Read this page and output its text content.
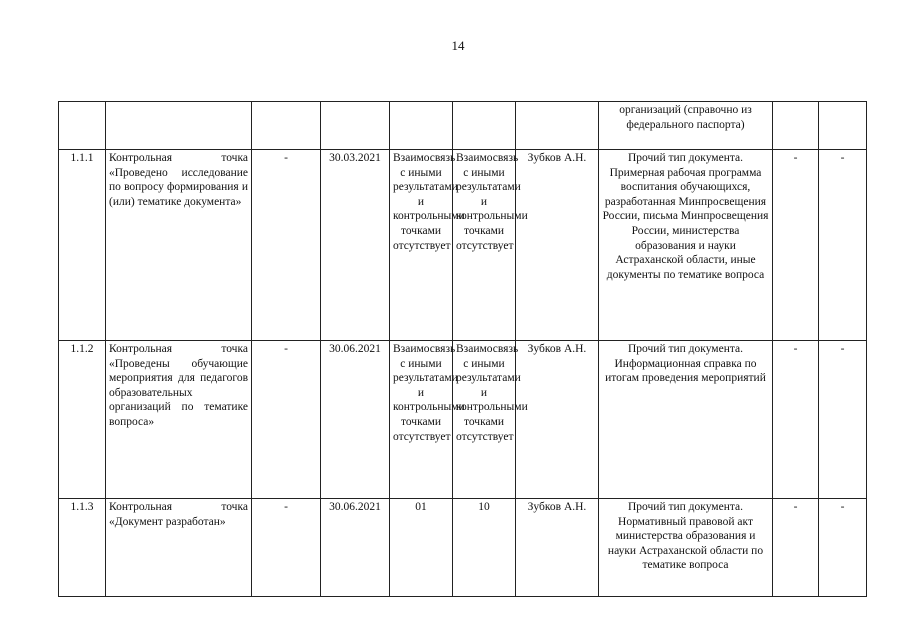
14
							организаций (справочно из федерального паспорта)		
1.1.1	Контрольная точка «Проведено исследование по вопросу формирования и (или) тематике документа»	-	30.03.2021	Взаимосвязь с иными результатами и контрольными точками отсутствует	Взаимосвязь с иными результатами и контрольными точками отсутствует	Зубков А.Н.	Прочий тип документа. Примерная рабочая программа воспитания обучающихся, разработанная Минпросвещения России, письма Минпросвещения России, министерства образования и науки Астраханской области, иные документы по тематике вопроса	-	-
1.1.2	Контрольная точка «Проведены обучающие мероприятия для педагогов образовательных организаций по тематике вопроса»	-	30.06.2021	Взаимосвязь с иными результатами и контрольными точками отсутствует	Взаимосвязь с иными результатами и контрольными точками отсутствует	Зубков А.Н.	Прочий тип документа. Информационная справка по итогам проведения мероприятий	-	-
1.1.3	Контрольная точка «Документ разработан»	-	30.06.2021	01	10	Зубков А.Н.	Прочий тип документа. Нормативный правовой акт министерства образования и науки Астраханской области по тематике вопроса	-	-
